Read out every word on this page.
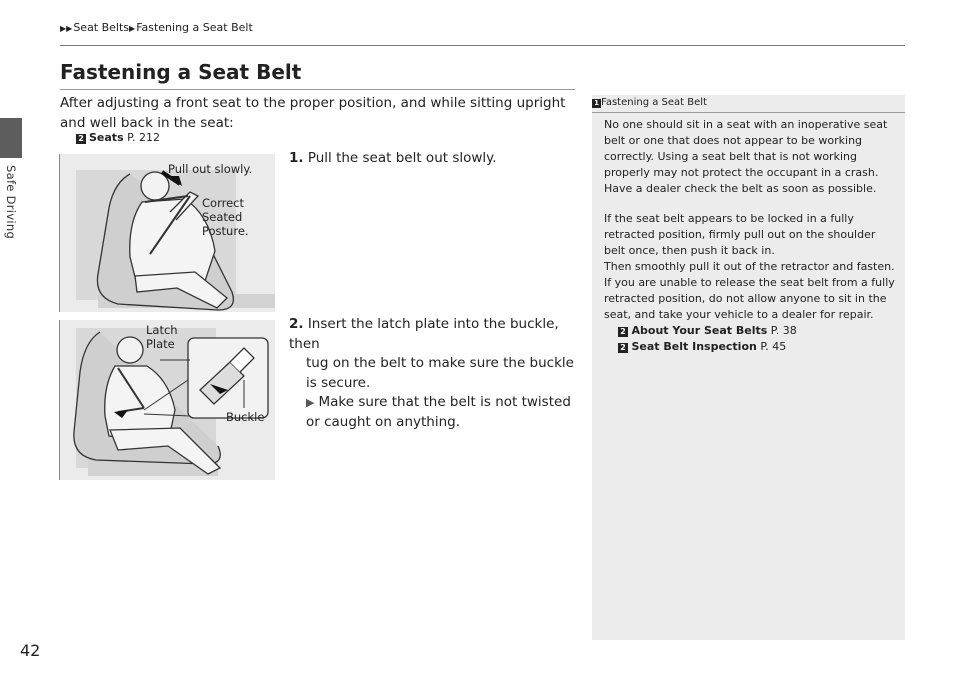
Safe Driving
▶▶Seat Belts▶Fastening a Seat Belt
Fastening a Seat Belt
After adjusting a front seat to the proper position, and while sitting upright and well back in the seat:
2 Seats P. 212
Pull out slowly.
Correct Seated Posture.
Latch Plate
Buckle
1. Pull the seat belt out slowly.
2. Insert the latch plate into the buckle, then
tug on the belt to make sure the buckle is secure.
▶ Make sure that the belt is not twisted or caught on anything.
1 Fastening a Seat Belt

No one should sit in a seat with an inoperative seat belt or one that does not appear to be working correctly. Using a seat belt that is not working properly may not protect the occupant in a crash. Have a dealer check the belt as soon as possible.

If the seat belt appears to be locked in a fully retracted position, firmly pull out on the shoulder belt once, then push it back in.

Then smoothly pull it out of the retractor and fasten. If you are unable to release the seat belt from a fully retracted position, do not allow anyone to sit in the seat, and take your vehicle to a dealer for repair.

2 About Your Seat Belts P. 38
2 Seat Belt Inspection P. 45
42
